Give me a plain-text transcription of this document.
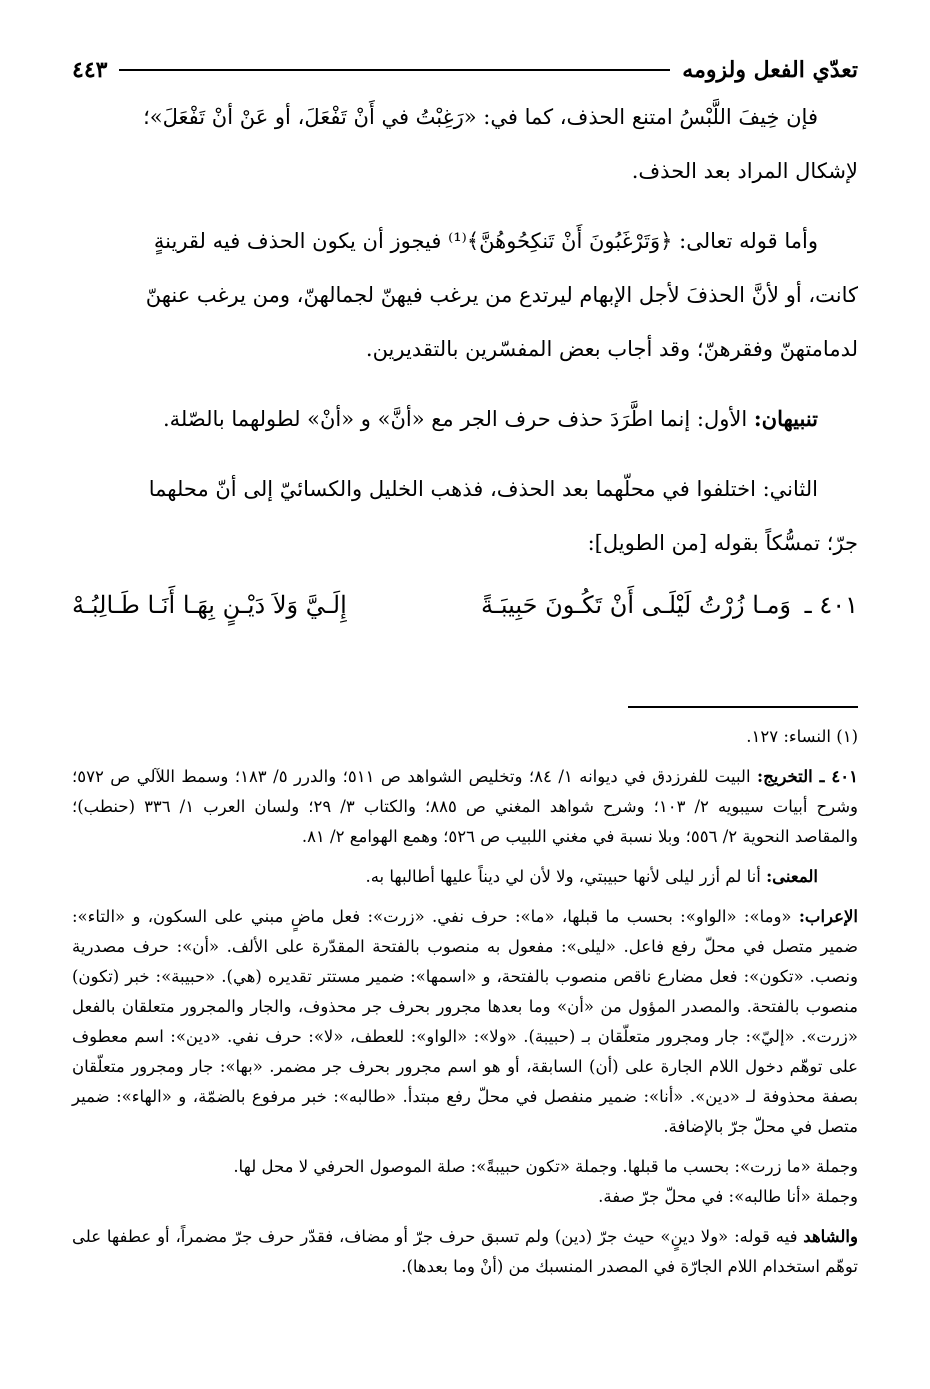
تعدّي الفعل ولزومه
٤٤٣

فإن خِيفَ اللَّبْسُ امتنع الحذف، كما في: «رَغِبْتُ في أَنْ تَفْعَلَ، أو عَنْ أنْ تَفْعَلَ»؛

لإشكال المراد بعد الحذف.

وأما قوله تعالى: ﴿وَتَرْغَبُونَ أَنْ تَنكِحُوهُنَّ﴾⁽¹⁾ فيجوز أن يكون الحذف فيه لقرينةٍ

كانت، أو لأنَّ الحذفَ لأجل الإبهام ليرتدع من يرغب فيهنّ لجمالهنّ، ومن يرغب عنهنّ

لدمامتهنّ وفقرهنّ؛ وقد أجاب بعض المفسّرين بالتقديرين.

تنبيهان: الأول: إنما اطَّرَدَ حذف حرف الجر مع «أنَّ» و «أنْ» لطولهما بالصّلة.

الثاني: اختلفوا في محلّهما بعد الحذف، فذهب الخليل والكسائيّ إلى أنّ محلهما

جرّ؛ تمسُّكاً بقوله [من الطويل]:

٤٠١ ـ وَمـا زُرْتُ لَيْلَـى أَنْ تَكُـونَ حَبِيبَـةً
إِلَـيَّ وَلاَ دَيْـنٍ بِهَـا أَنَـا طَـالِبُـهْ

(١) النساء: ١٢٧.

٤٠١ ـ التخريج: البيت للفرزدق في ديوانه ١/ ٨٤؛ وتخليص الشواهد ص ٥١١؛ والدرر ٥/ ١٨٣؛ وسمط اللآلي ص ٥٧٢؛ وشرح أبيات سيبويه ٢/ ١٠٣؛ وشرح شواهد المغني ص ٨٨٥؛ والكتاب ٣/ ٢٩؛ ولسان العرب ١/ ٣٣٦ (حنطب)؛ والمقاصد النحوية ٢/ ٥٥٦؛ وبلا نسبة في مغني اللبيب ص ٥٢٦؛ وهمع الهوامع ٢/ ٨١.

المعنى: أنا لم أزر ليلى لأنها حبيبتي، ولا لأن لي ديناً عليها أطالبها به.

الإعراب: «وما»: «الواو»: بحسب ما قبلها، «ما»: حرف نفي. «زرت»: فعل ماضٍ مبني على السكون، و «التاء»: ضمير متصل في محلّ رفع فاعل. «ليلى»: مفعول به منصوب بالفتحة المقدّرة على الألف. «أن»: حرف مصدرية ونصب. «تكون»: فعل مضارع ناقص منصوب بالفتحة، و «اسمها»: ضمير مستتر تقديره (هي). «حبيبة»: خبر (تكون) منصوب بالفتحة. والمصدر المؤول من «أن» وما بعدها مجرور بحرف جر محذوف، والجار والمجرور متعلقان بالفعل «زرت». «إليّ»: جار ومجرور متعلّقان بـ (حبيبة). «ولا»: «الواو»: للعطف، «لا»: حرف نفي. «دين»: اسم معطوف على توهّم دخول اللام الجارة على (أن) السابقة، أو هو اسم مجرور بحرف جر مضمر. «بها»: جار ومجرور متعلّقان بصفة محذوفة لـ «دين». «أنا»: ضمير منفصل في محلّ رفع مبتدأ. «طالبه»: خبر مرفوع بالضمّة، و «الهاء»: ضمير متصل في محلّ جرّ بالإضافة.

وجملة «ما زرت»: بحسب ما قبلها. وجملة «تكون حبيبةً»: صلة الموصول الحرفي لا محل لها.

وجملة «أنا طالبه»: في محلّ جرّ صفة.

والشاهد فيه قوله: «ولا دينٍ» حيث جرّ (دين) ولم تسبق حرف جرّ أو مضاف، فقدّر حرف جرّ مضمراً، أو عطفها على توهّم استخدام اللام الجارّة في المصدر المنسبك من (أنْ وما بعدها).
